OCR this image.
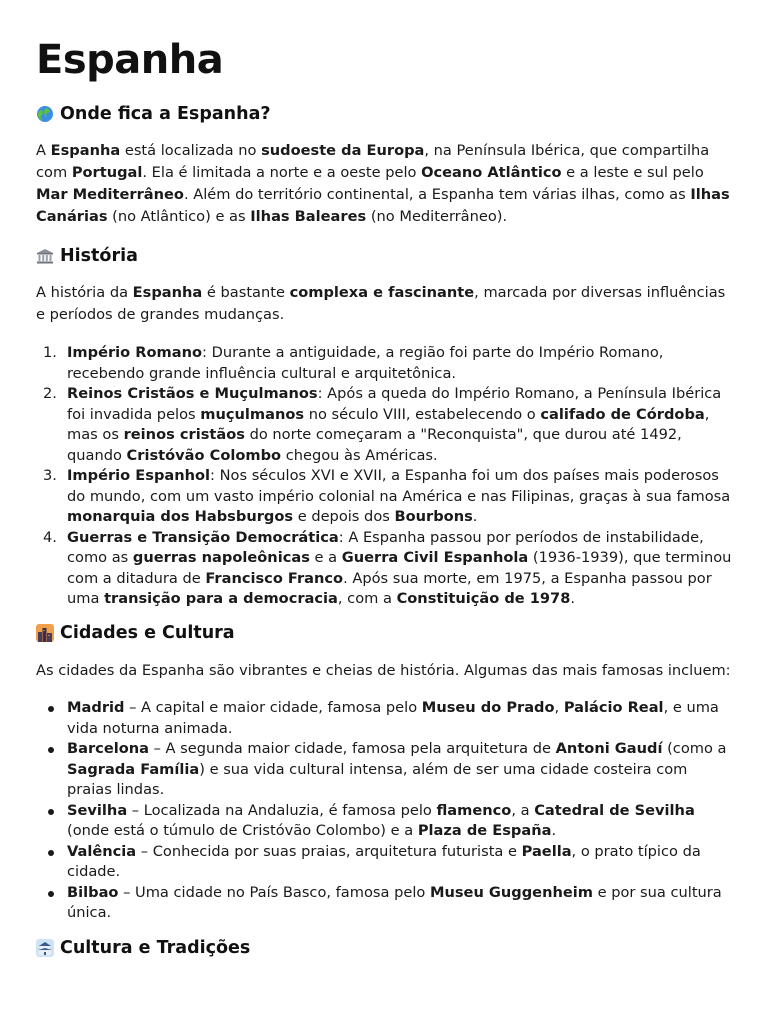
Espanha
Onde fica a Espanha?

A Espanha está localizada no sudoeste da Europa, na Península Ibérica, que compartilha com Portugal. Ela é limitada a norte e a oeste pelo Oceano Atlântico e a leste e sul pelo Mar Mediterrâneo. Além do território continental, a Espanha tem várias ilhas, como as Ilhas Canárias (no Atlântico) e as Ilhas Baleares (no Mediterrâneo).

História

A história da Espanha é bastante complexa e fascinante, marcada por diversas influências e períodos de grandes mudanças.

1. Império Romano: Durante a antiguidade, a região foi parte do Império Romano, recebendo grande influência cultural e arquitetônica.
2. Reinos Cristãos e Muçulmanos: Após a queda do Império Romano, a Península Ibérica foi invadida pelos muçulmanos no século VIII, estabelecendo o califado de Córdoba, mas os reinos cristãos do norte começaram a "Reconquista", que durou até 1492, quando Cristóvão Colombo chegou às Américas.
3. Império Espanhol: Nos séculos XVI e XVII, a Espanha foi um dos países mais poderosos do mundo, com um vasto império colonial na América e nas Filipinas, graças à sua famosa monarquia dos Habsburgos e depois dos Bourbons.
4. Guerras e Transição Democrática: A Espanha passou por períodos de instabilidade, como as guerras napoleônicas e a Guerra Civil Espanhola (1936-1939), que terminou com a ditadura de Francisco Franco. Após sua morte, em 1975, a Espanha passou por uma transição para a democracia, com a Constituição de 1978.
Cidades e Cultura

As cidades da Espanha são vibrantes e cheias de história. Algumas das mais famosas incluem:

Madrid – A capital e maior cidade, famosa pelo Museu do Prado, Palácio Real, e uma vida noturna animada.
Barcelona – A segunda maior cidade, famosa pela arquitetura de Antoni Gaudí (como a Sagrada Família) e sua vida cultural intensa, além de ser uma cidade costeira com praias lindas.
Sevilha – Localizada na Andaluzia, é famosa pelo flamenco, a Catedral de Sevilha (onde está o túmulo de Cristóvão Colombo) e a Plaza de España.
Valência – Conhecida por suas praias, arquitetura futurista e Paella, o prato típico da cidade.
Bilbao – Uma cidade no País Basco, famosa pelo Museu Guggenheim e por sua cultura única.
Cultura e Tradições
